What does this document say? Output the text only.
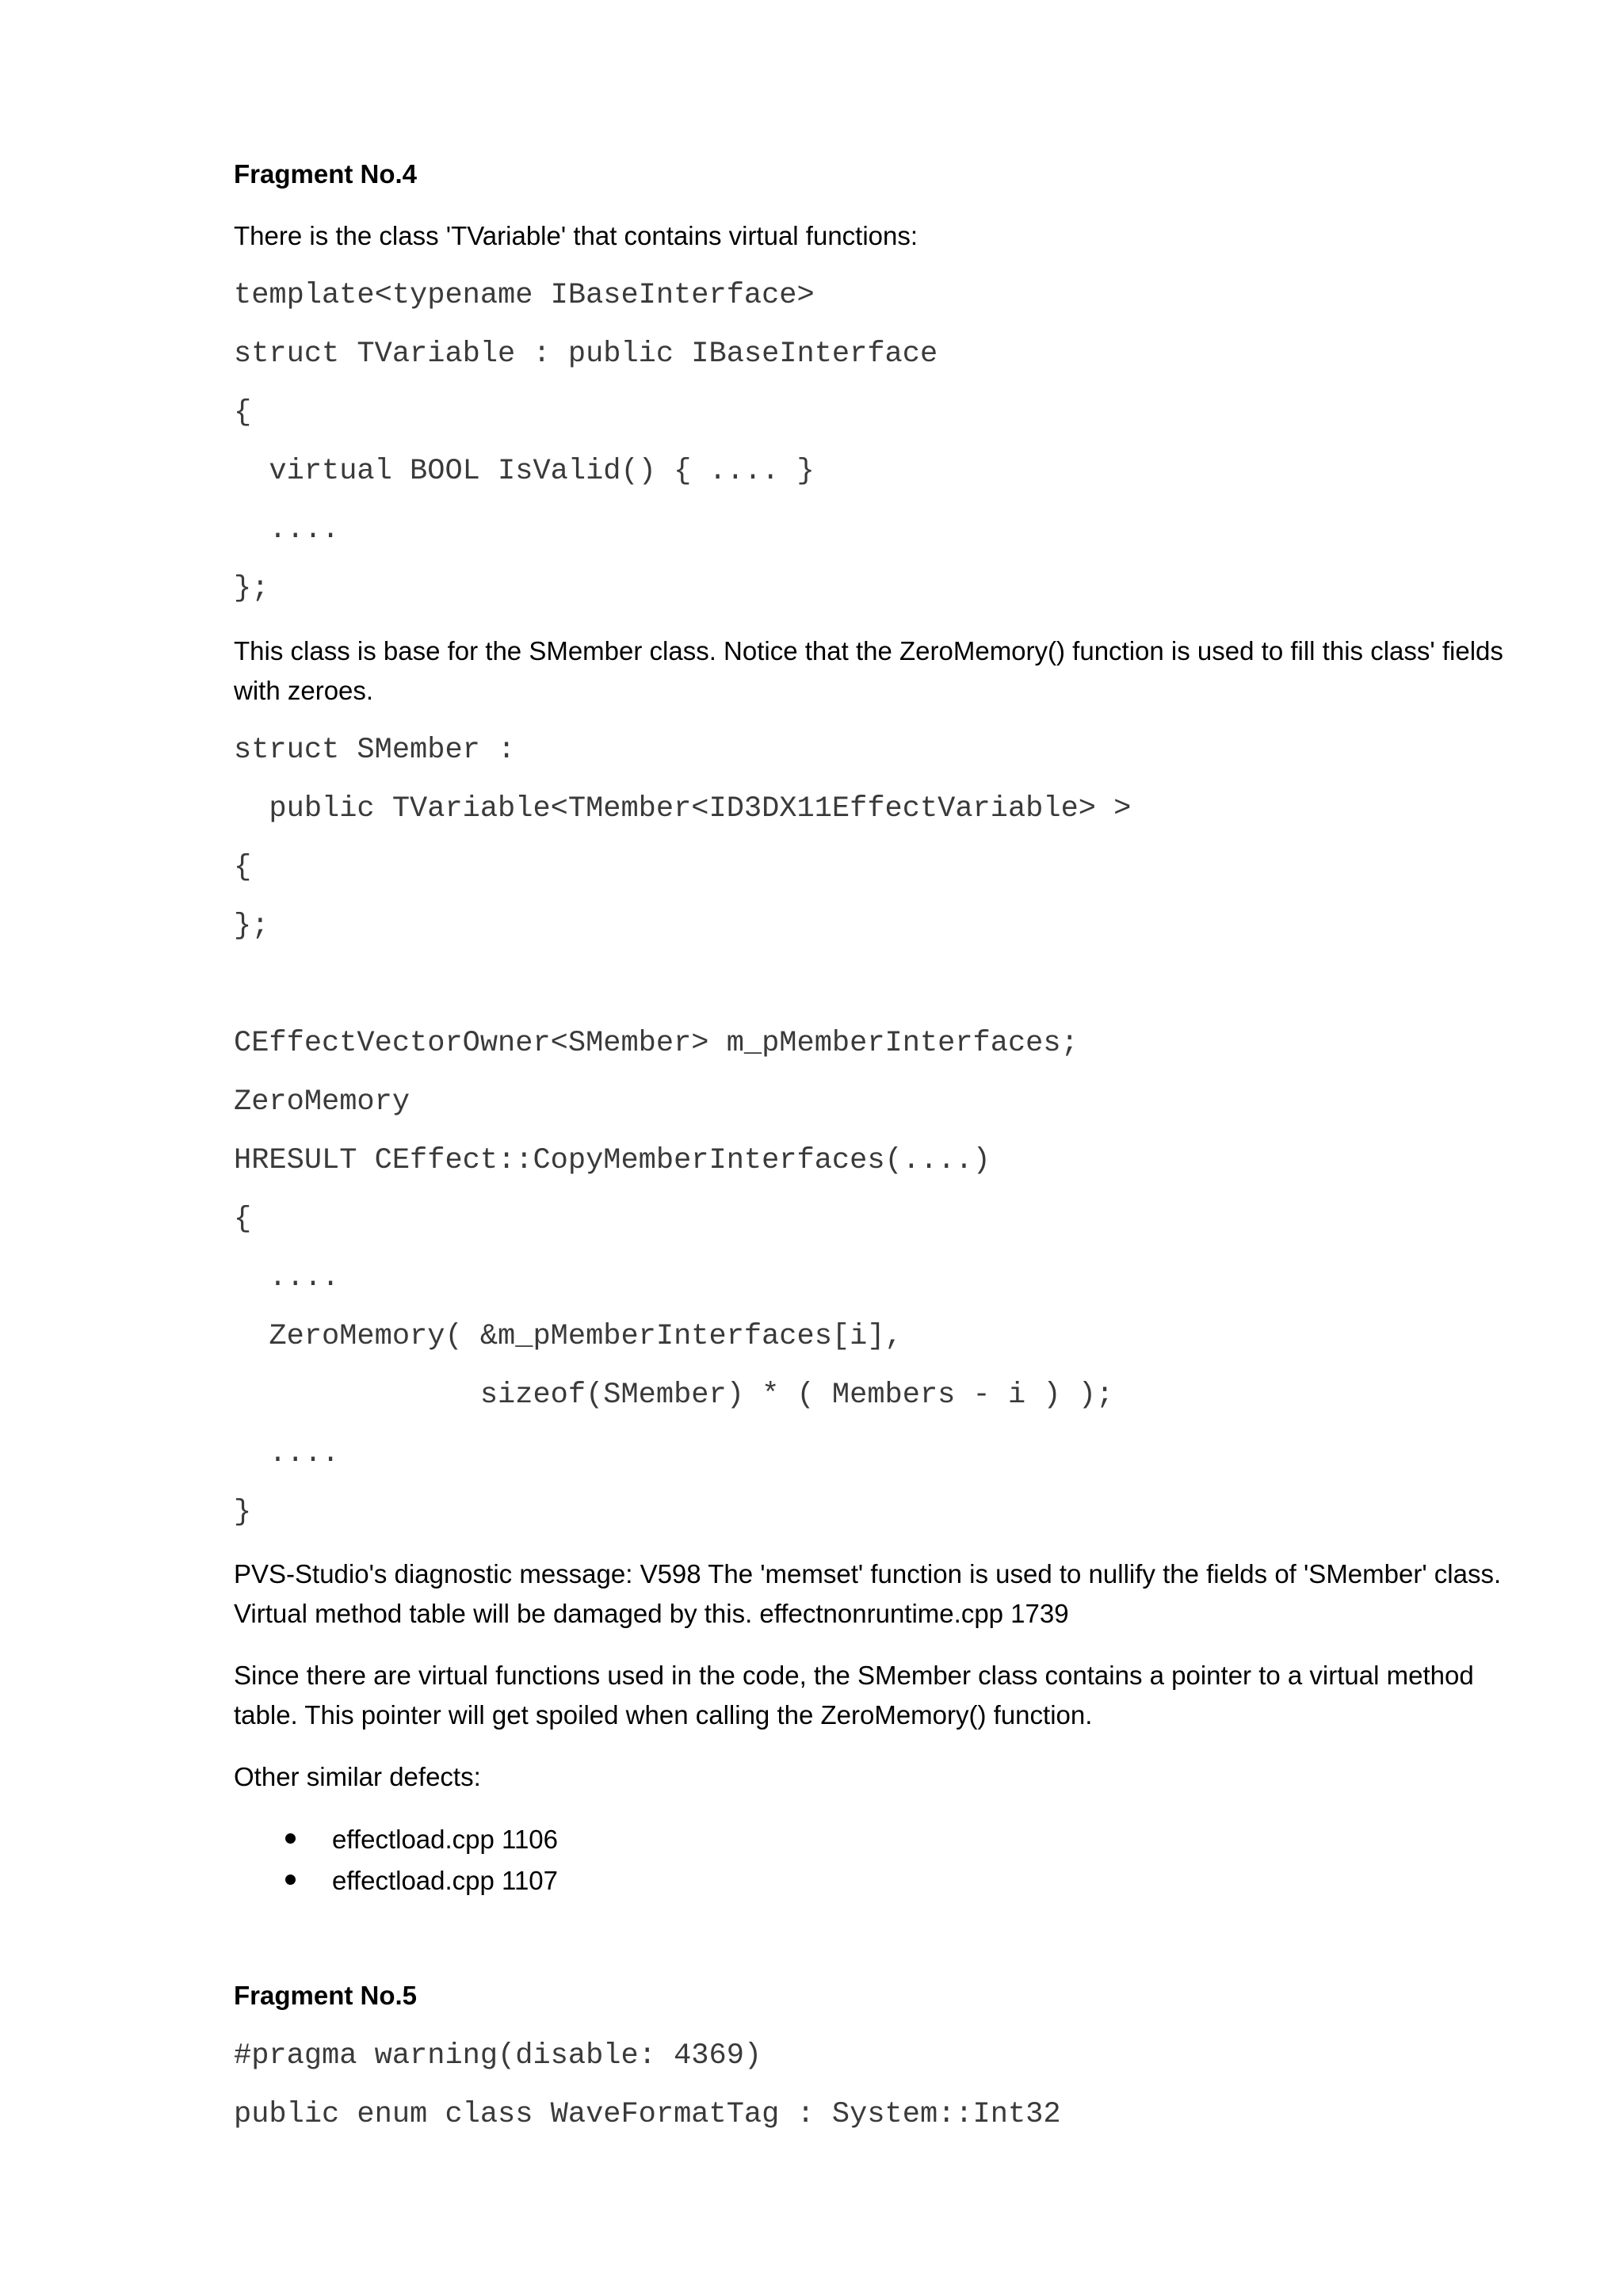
Fragment No.4
There is the class 'TVariable' that contains virtual functions:
template<typename IBaseInterface>
struct TVariable : public IBaseInterface
{
virtual BOOL IsValid() { .... }
....
};
This class is base for the SMember class. Notice that the ZeroMemory() function is used to fill this class' fields with zeroes.
struct SMember :
public TVariable<TMember<ID3DX11EffectVariable> >
{
};
CEffectVectorOwner<SMember> m_pMemberInterfaces;
ZeroMemory
HRESULT CEffect::CopyMemberInterfaces(....)
{
....
ZeroMemory( &m_pMemberInterfaces[i],
sizeof(SMember) * ( Members - i ) );
....
}
PVS-Studio's diagnostic message: V598 The 'memset' function is used to nullify the fields of 'SMember' class. Virtual method table will be damaged by this. effectnonruntime.cpp 1739
Since there are virtual functions used in the code, the SMember class contains a pointer to a virtual method table. This pointer will get spoiled when calling the ZeroMemory() function.
Other similar defects:
effectload.cpp 1106
effectload.cpp 1107
Fragment No.5
#pragma warning(disable: 4369)
public enum class WaveFormatTag : System::Int32
